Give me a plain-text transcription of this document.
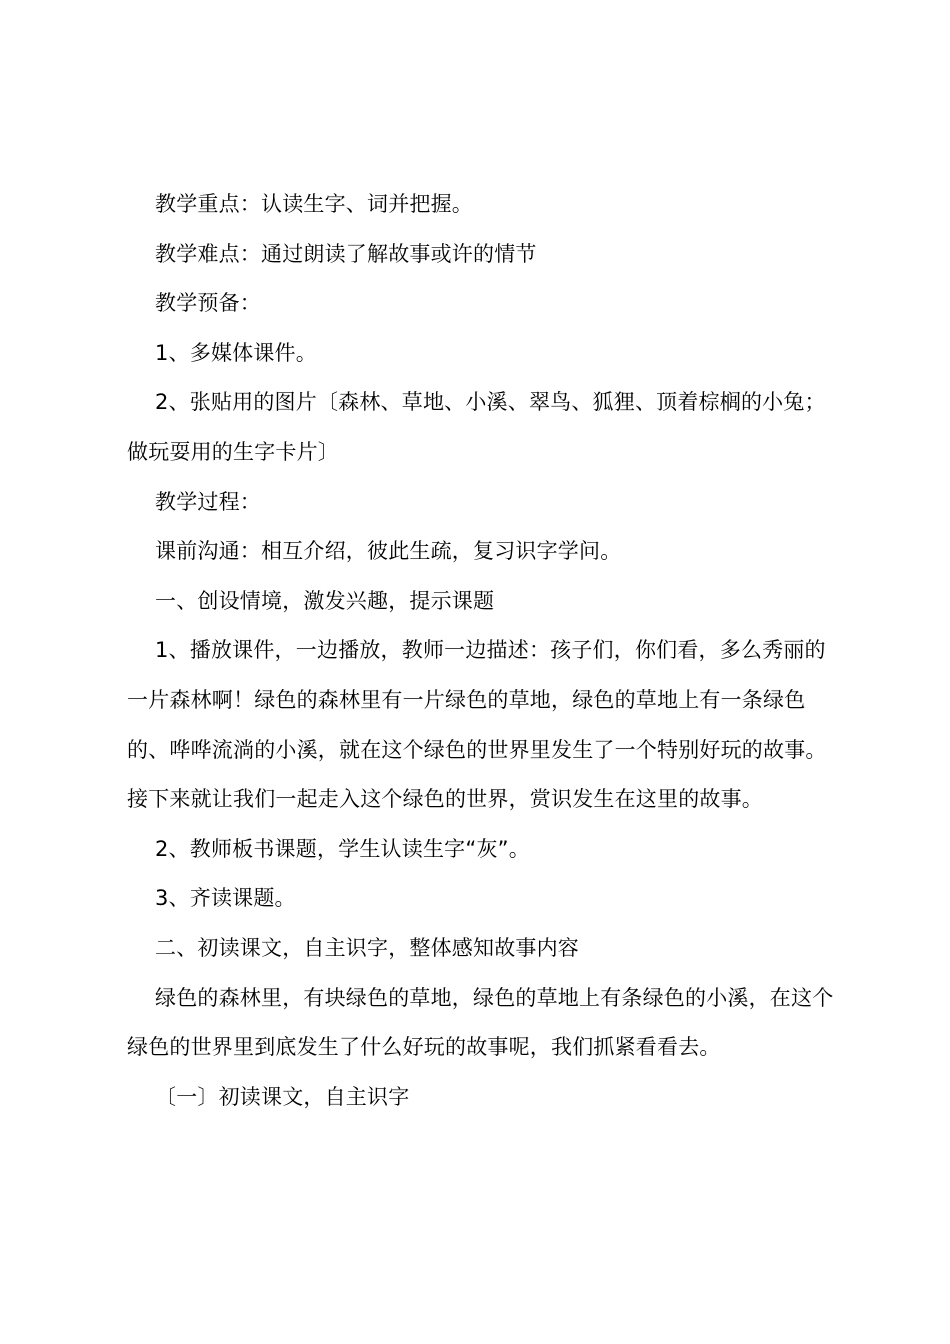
教学重点：认读生字、词并把握。

教学难点：通过朗读了解故事或许的情节

教学预备：

1、多媒体课件。

2、张贴用的图片〔森林、草地、小溪、翠鸟、狐狸、顶着棕榈的小兔；做玩耍用的生字卡片〕

教学过程：

课前沟通：相互介绍，彼此生疏，复习识字学问。

一、创设情境，激发兴趣，提示课题

1、播放课件，一边播放，教师一边描述：孩子们，你们看，多么秀丽的一片森林啊！绿色的森林里有一片绿色的草地，绿色的草地上有一条绿色的、哗哗流淌的小溪，就在这个绿色的世界里发生了一个特别好玩的故事。接下来就让我们一起走入这个绿色的世界，赏识发生在这里的故事。

2、教师板书课题，学生认读生字“灰”。

3、齐读课题。

二、初读课文，自主识字，整体感知故事内容

绿色的森林里，有块绿色的草地，绿色的草地上有条绿色的小溪，在这个绿色的世界里到底发生了什么好玩的故事呢，我们抓紧看看去。

〔一〕初读课文，自主识字
